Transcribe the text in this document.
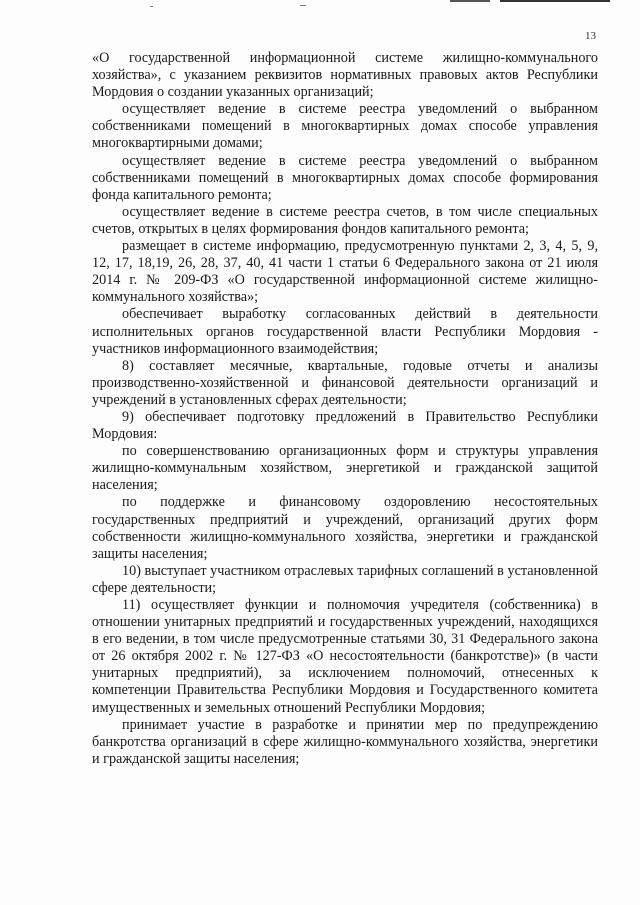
13

«О государственной информационной системе жилищно-коммунального хозяйства», с указанием реквизитов нормативных правовых актов Республики Мордовия о создании указанных организаций;

осуществляет ведение в системе реестра уведомлений о выбранном собственниками помещений в многоквартирных домах способе управления многоквартирными домами;

осуществляет ведение в системе реестра уведомлений о выбранном собственниками помещений в многоквартирных домах способе формирования фонда капитального ремонта;

осуществляет ведение в системе реестра счетов, в том числе специальных счетов, открытых в целях формирования фондов капитального ремонта;

размещает в системе информацию, предусмотренную пунктами 2, 3, 4, 5, 9, 12, 17, 18,19, 26, 28, 37, 40, 41 части 1 статьи 6 Федерального закона от 21 июля 2014 г. № 209-ФЗ «О государственной информационной системе жилищно-коммунального хозяйства»;

обеспечивает выработку согласованных действий в деятельности исполнительных органов государственной власти Республики Мордовия - участников информационного взаимодействия;

8) составляет месячные, квартальные, годовые отчеты и анализы производственно-хозяйственной и финансовой деятельности организаций и учреждений в установленных сферах деятельности;

9) обеспечивает подготовку предложений в Правительство Республики Мордовия:

по совершенствованию организационных форм и структуры управления жилищно-коммунальным хозяйством, энергетикой и гражданской защитой населения;

по поддержке и финансовому оздоровлению несостоятельных государственных предприятий и учреждений, организаций других форм собственности жилищно-коммунального хозяйства, энергетики и гражданской защиты населения;

10) выступает участником отраслевых тарифных соглашений в установленной сфере деятельности;

11) осуществляет функции и полномочия учредителя (собственника) в отношении унитарных предприятий и государственных учреждений, находящихся в его ведении, в том числе предусмотренные статьями 30, 31 Федерального закона от 26 октября 2002 г. № 127-ФЗ «О несостоятельности (банкротстве)» (в части унитарных предприятий), за исключением полномочий, отнесенных к компетенции Правительства Республики Мордовия и Государственного комитета имущественных и земельных отношений Республики Мордовия;

принимает участие в разработке и принятии мер по предупреждению банкротства организаций в сфере жилищно-коммунального хозяйства, энергетики и гражданской защиты населения;
